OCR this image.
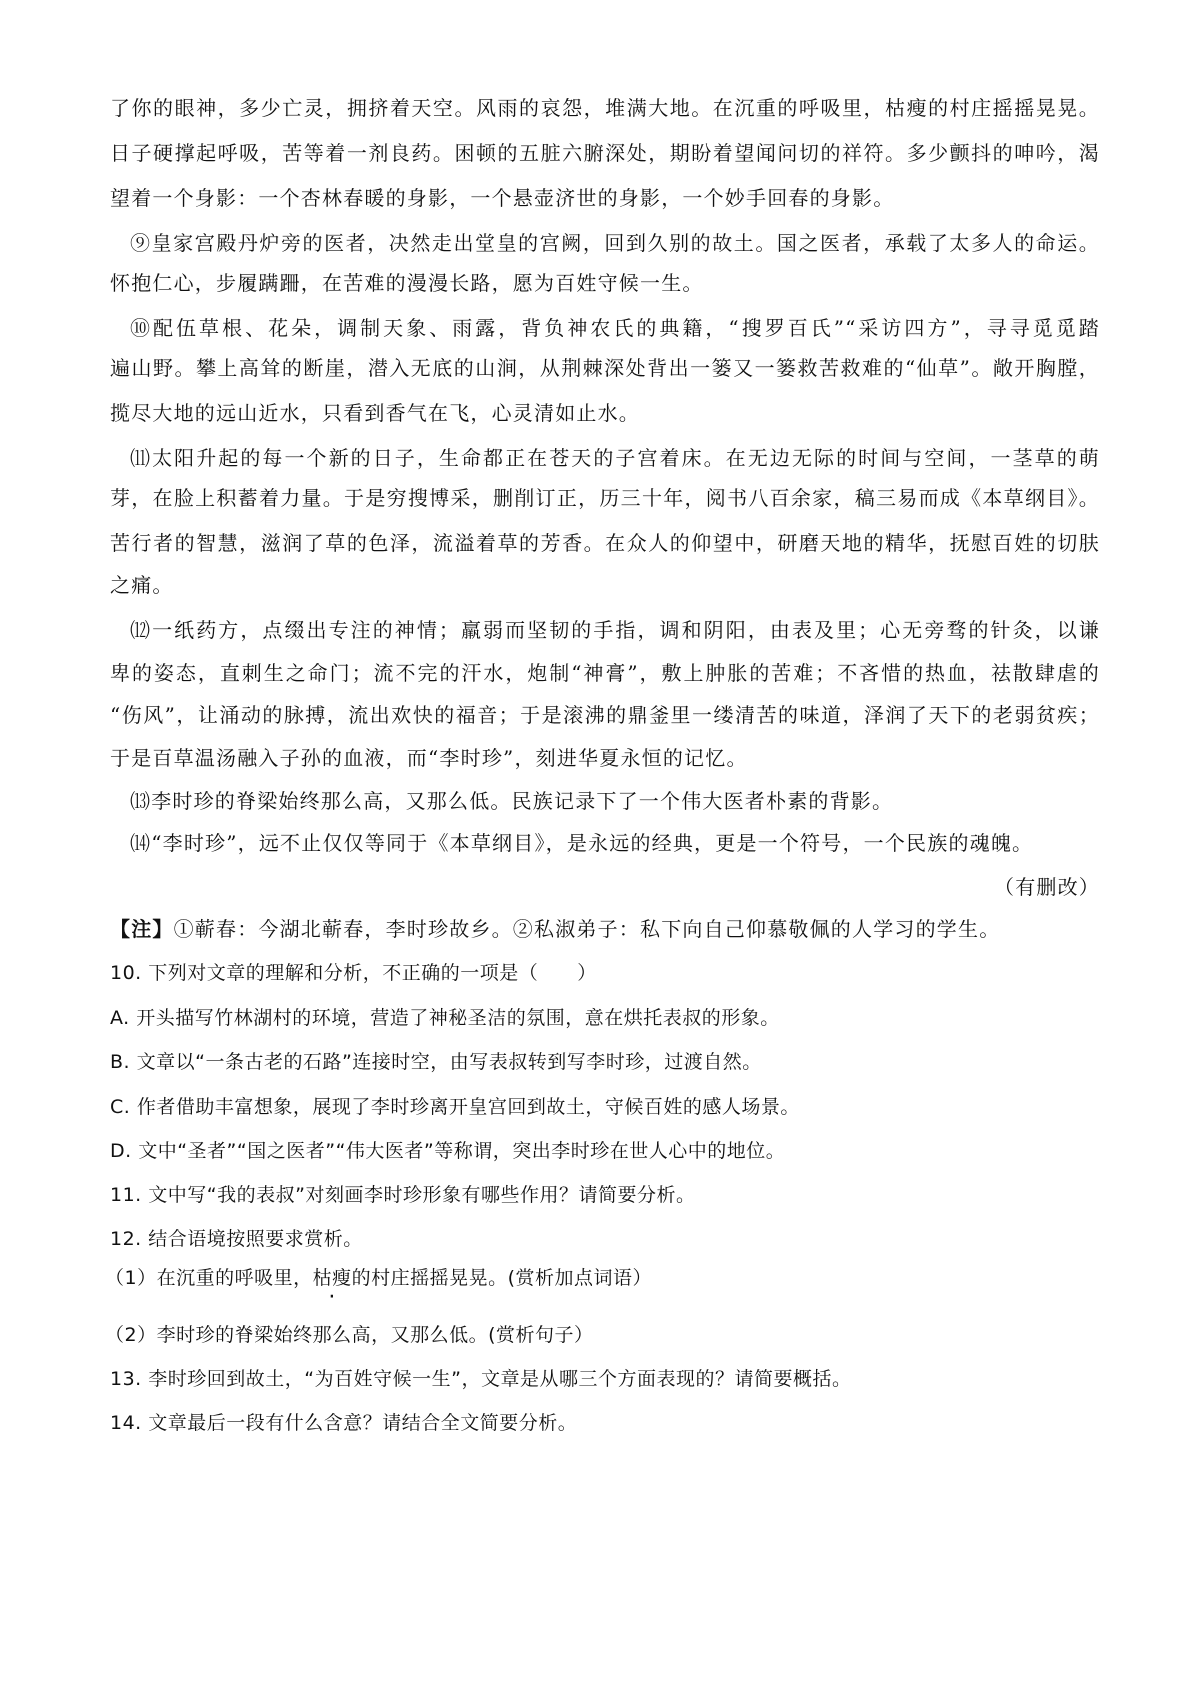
了你的眼神，多少亡灵，拥挤着天空。风雨的哀怨，堆满大地。在沉重的呼吸里，枯瘦的村庄摇摇晃晃。
日子硬撑起呼吸，苦等着一剂良药。困顿的五脏六腑深处，期盼着望闻问切的祥符。多少颤抖的呻吟，渴
望着一个身影：一个杏林春暖的身影，一个悬壶济世的身影，一个妙手回春的身影。
⑨皇家宫殿丹炉旁的医者，决然走出堂皇的宫阙，回到久别的故土。国之医者，承载了太多人的命运。
怀抱仁心，步履蹒跚，在苦难的漫漫长路，愿为百姓守候一生。
⑩配伍草根、花朵，调制天象、雨露，背负神农氏的典籍，“搜罗百氏”“采访四方”，寻寻觅觅踏
遍山野。攀上高耸的断崖，潜入无底的山涧，从荆棘深处背出一篓又一篓救苦救难的“仙草”。敞开胸膛，
揽尽大地的远山近水，只看到香气在飞，心灵清如止水。
⑾太阳升起的每一个新的日子，生命都正在苍天的子宫着床。在无边无际的时间与空间，一茎草的萌
芽，在脸上积蓄着力量。于是穷搜博采，删削订正，历三十年，阅书八百余家，稿三易而成《本草纲目》。
苦行者的智慧，滋润了草的色泽，流溢着草的芳香。在众人的仰望中，研磨天地的精华，抚慰百姓的切肤
之痛。
⑿一纸药方，点缀出专注的神情；羸弱而坚韧的手指，调和阴阳，由表及里；心无旁骛的针灸，以谦
卑的姿态，直刺生之命门；流不完的汗水，炮制“神膏”，敷上肿胀的苦难；不吝惜的热血，祛散肆虐的
“伤风”，让涌动的脉搏，流出欢快的福音；于是滚沸的鼎釜里一缕清苦的味道，泽润了天下的老弱贫疾；
于是百草温汤融入子孙的血液，而“李时珍”，刻进华夏永恒的记忆。
⒀李时珍的脊梁始终那么高，又那么低。民族记录下了一个伟大医者朴素的背影。
⒁“李时珍”，远不止仅仅等同于《本草纲目》，是永远的经典，更是一个符号，一个民族的魂魄。
（有删改）
【注】①蕲春：今湖北蕲春，李时珍故乡。②私淑弟子：私下向自己仰慕敬佩的人学习的学生。
10. 下列对文章的理解和分析，不正确的一项是（　　）
A. 开头描写竹林湖村的环境，营造了神秘圣洁的氛围，意在烘托表叔的形象。
B. 文章以“一条古老的石路”连接时空，由写表叔转到写李时珍，过渡自然。
C. 作者借助丰富想象，展现了李时珍离开皇宫回到故土，守候百姓的感人场景。
D. 文中“圣者”“国之医者”“伟大医者”等称谓，突出李时珍在世人心中的地位。
11. 文中写“我的表叔”对刻画李时珍形象有哪些作用？请简要分析。
12. 结合语境按照要求赏析。
（1）在沉重的呼吸里，枯瘦的村庄摇摇晃晃。(赏析加点词语）
（2）李时珍的脊梁始终那么高，又那么低。(赏析句子）
13. 李时珍回到故土，“为百姓守候一生”，文章是从哪三个方面表现的？请简要概括。
14. 文章最后一段有什么含意？请结合全文简要分析。
